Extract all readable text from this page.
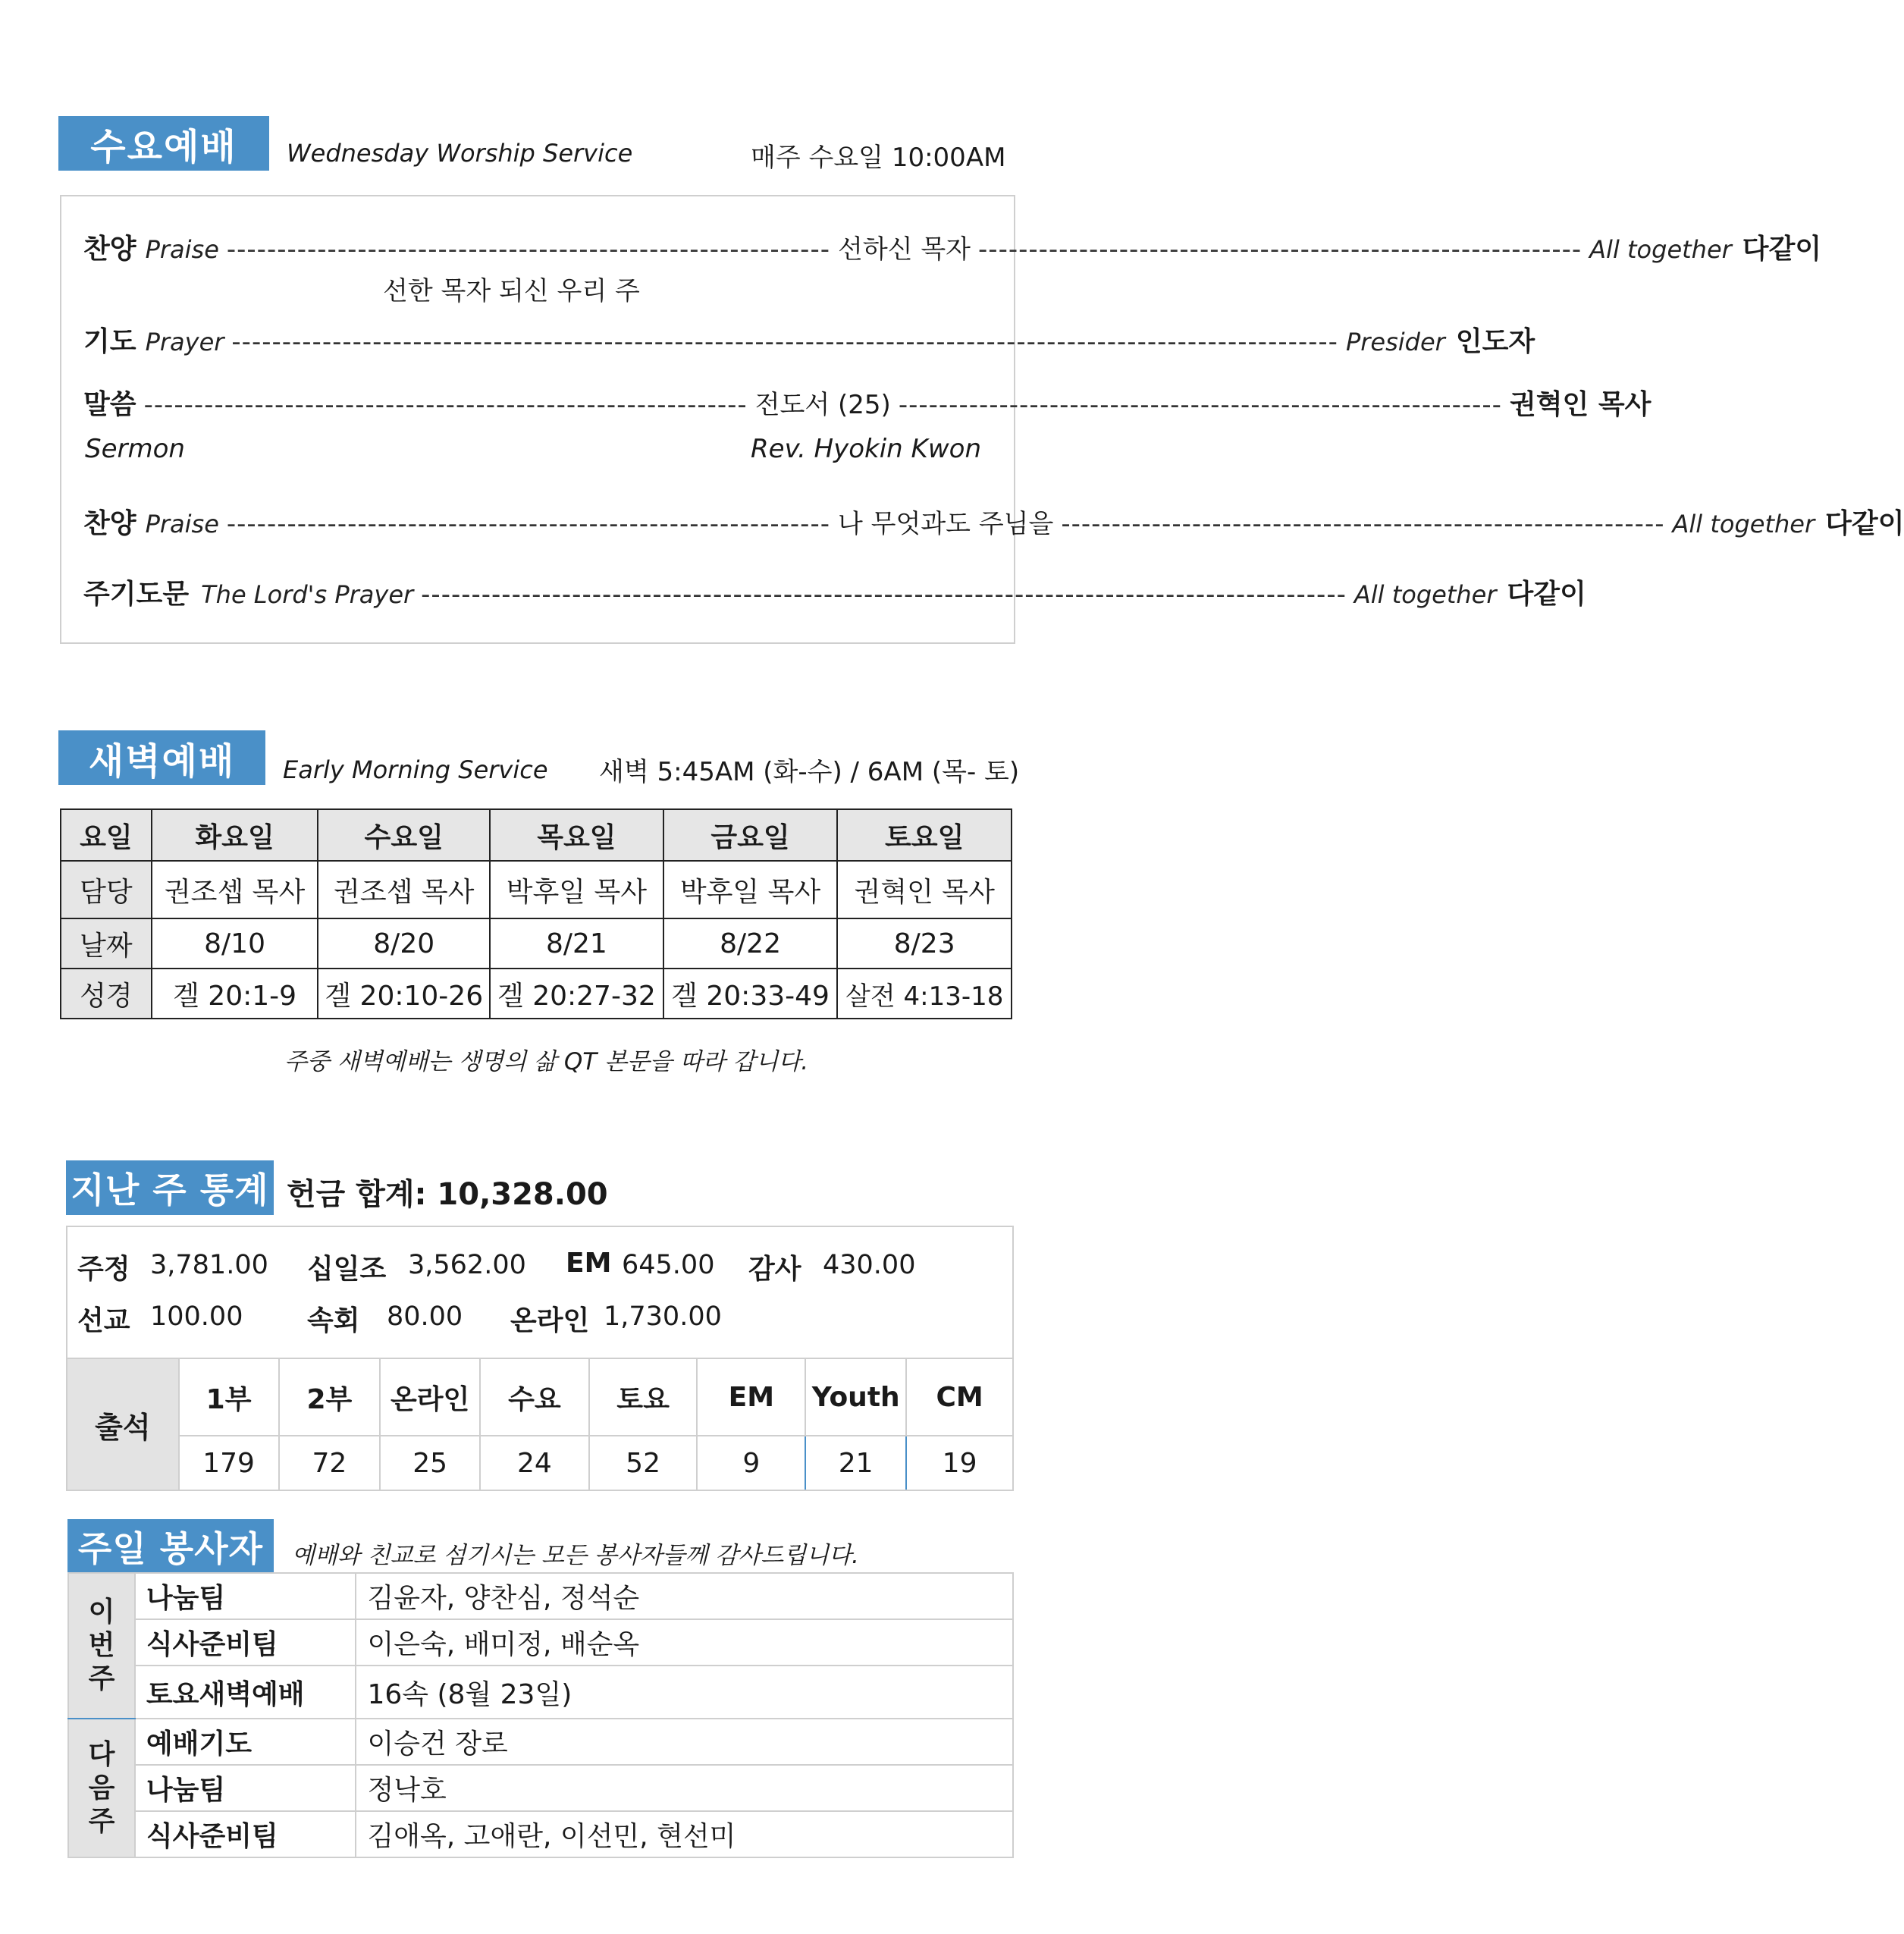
수요예배	Wednesday Worship Service	매주 수요일 10:00AM
찬양 Praise ------------------------------------------------------------ 선하신 목자 ------------------------------------------------------------ All together 다같이
선한 목자 되신 우리 주
기도 Prayer -------------------------------------------------------------------------------------------------------------- Presider 인도자
말씀 ------------------------------------------------------------ 전도서 (25) ------------------------------------------------------------ 권혁인 목사
Sermon	Rev. Hyokin Kwon
찬양 Praise ------------------------------------------------------------ 나 무엇과도 주님을 ------------------------------------------------------------ All together 다같이
주기도문 The Lord's Prayer -------------------------------------------------------------------------------------------- All together 다같이
새벽예배	Early Morning Service 새벽 5:45AM (화-수) / 6AM (목- 토)
요일	화요일	수요일	목요일	금요일	토요일
담당	권조셉 목사	권조셉 목사	박후일 목사	박후일 목사	권혁인 목사
날짜	8/10	8/20	8/21	8/22	8/23
성경	겔 20:1-9	겔 20:10-26	겔 20:27-32	겔 20:33-49	살전 4:13-18
주중 새벽예배는 생명의 삶 QT 본문을 따라 갑니다.
지난 주 통계 헌금 합계: 10,328.00
주정 3,781.00 십일조 3,562.00 EM 645.00 감사 430.00
선교 100.00 속회 80.00 온라인 1,730.00
출석	1부	2부	온라인	수요	토요	EM	Youth	CM
	179	72	25	24	52	9	21	19
주일 봉사자	예배와 친교로 섬기시는 모든 봉사자들께 감사드립니다.
이
번
주	나눔팀	김윤자, 양찬심, 정석순
	식사준비팀	이은숙, 배미정, 배순옥
	토요새벽예배	16속 (8월 23일)
다
음
주	예배기도	이승건 장로
	나눔팀	정낙호
	식사준비팀	김애옥, 고애란, 이선민, 현선미
